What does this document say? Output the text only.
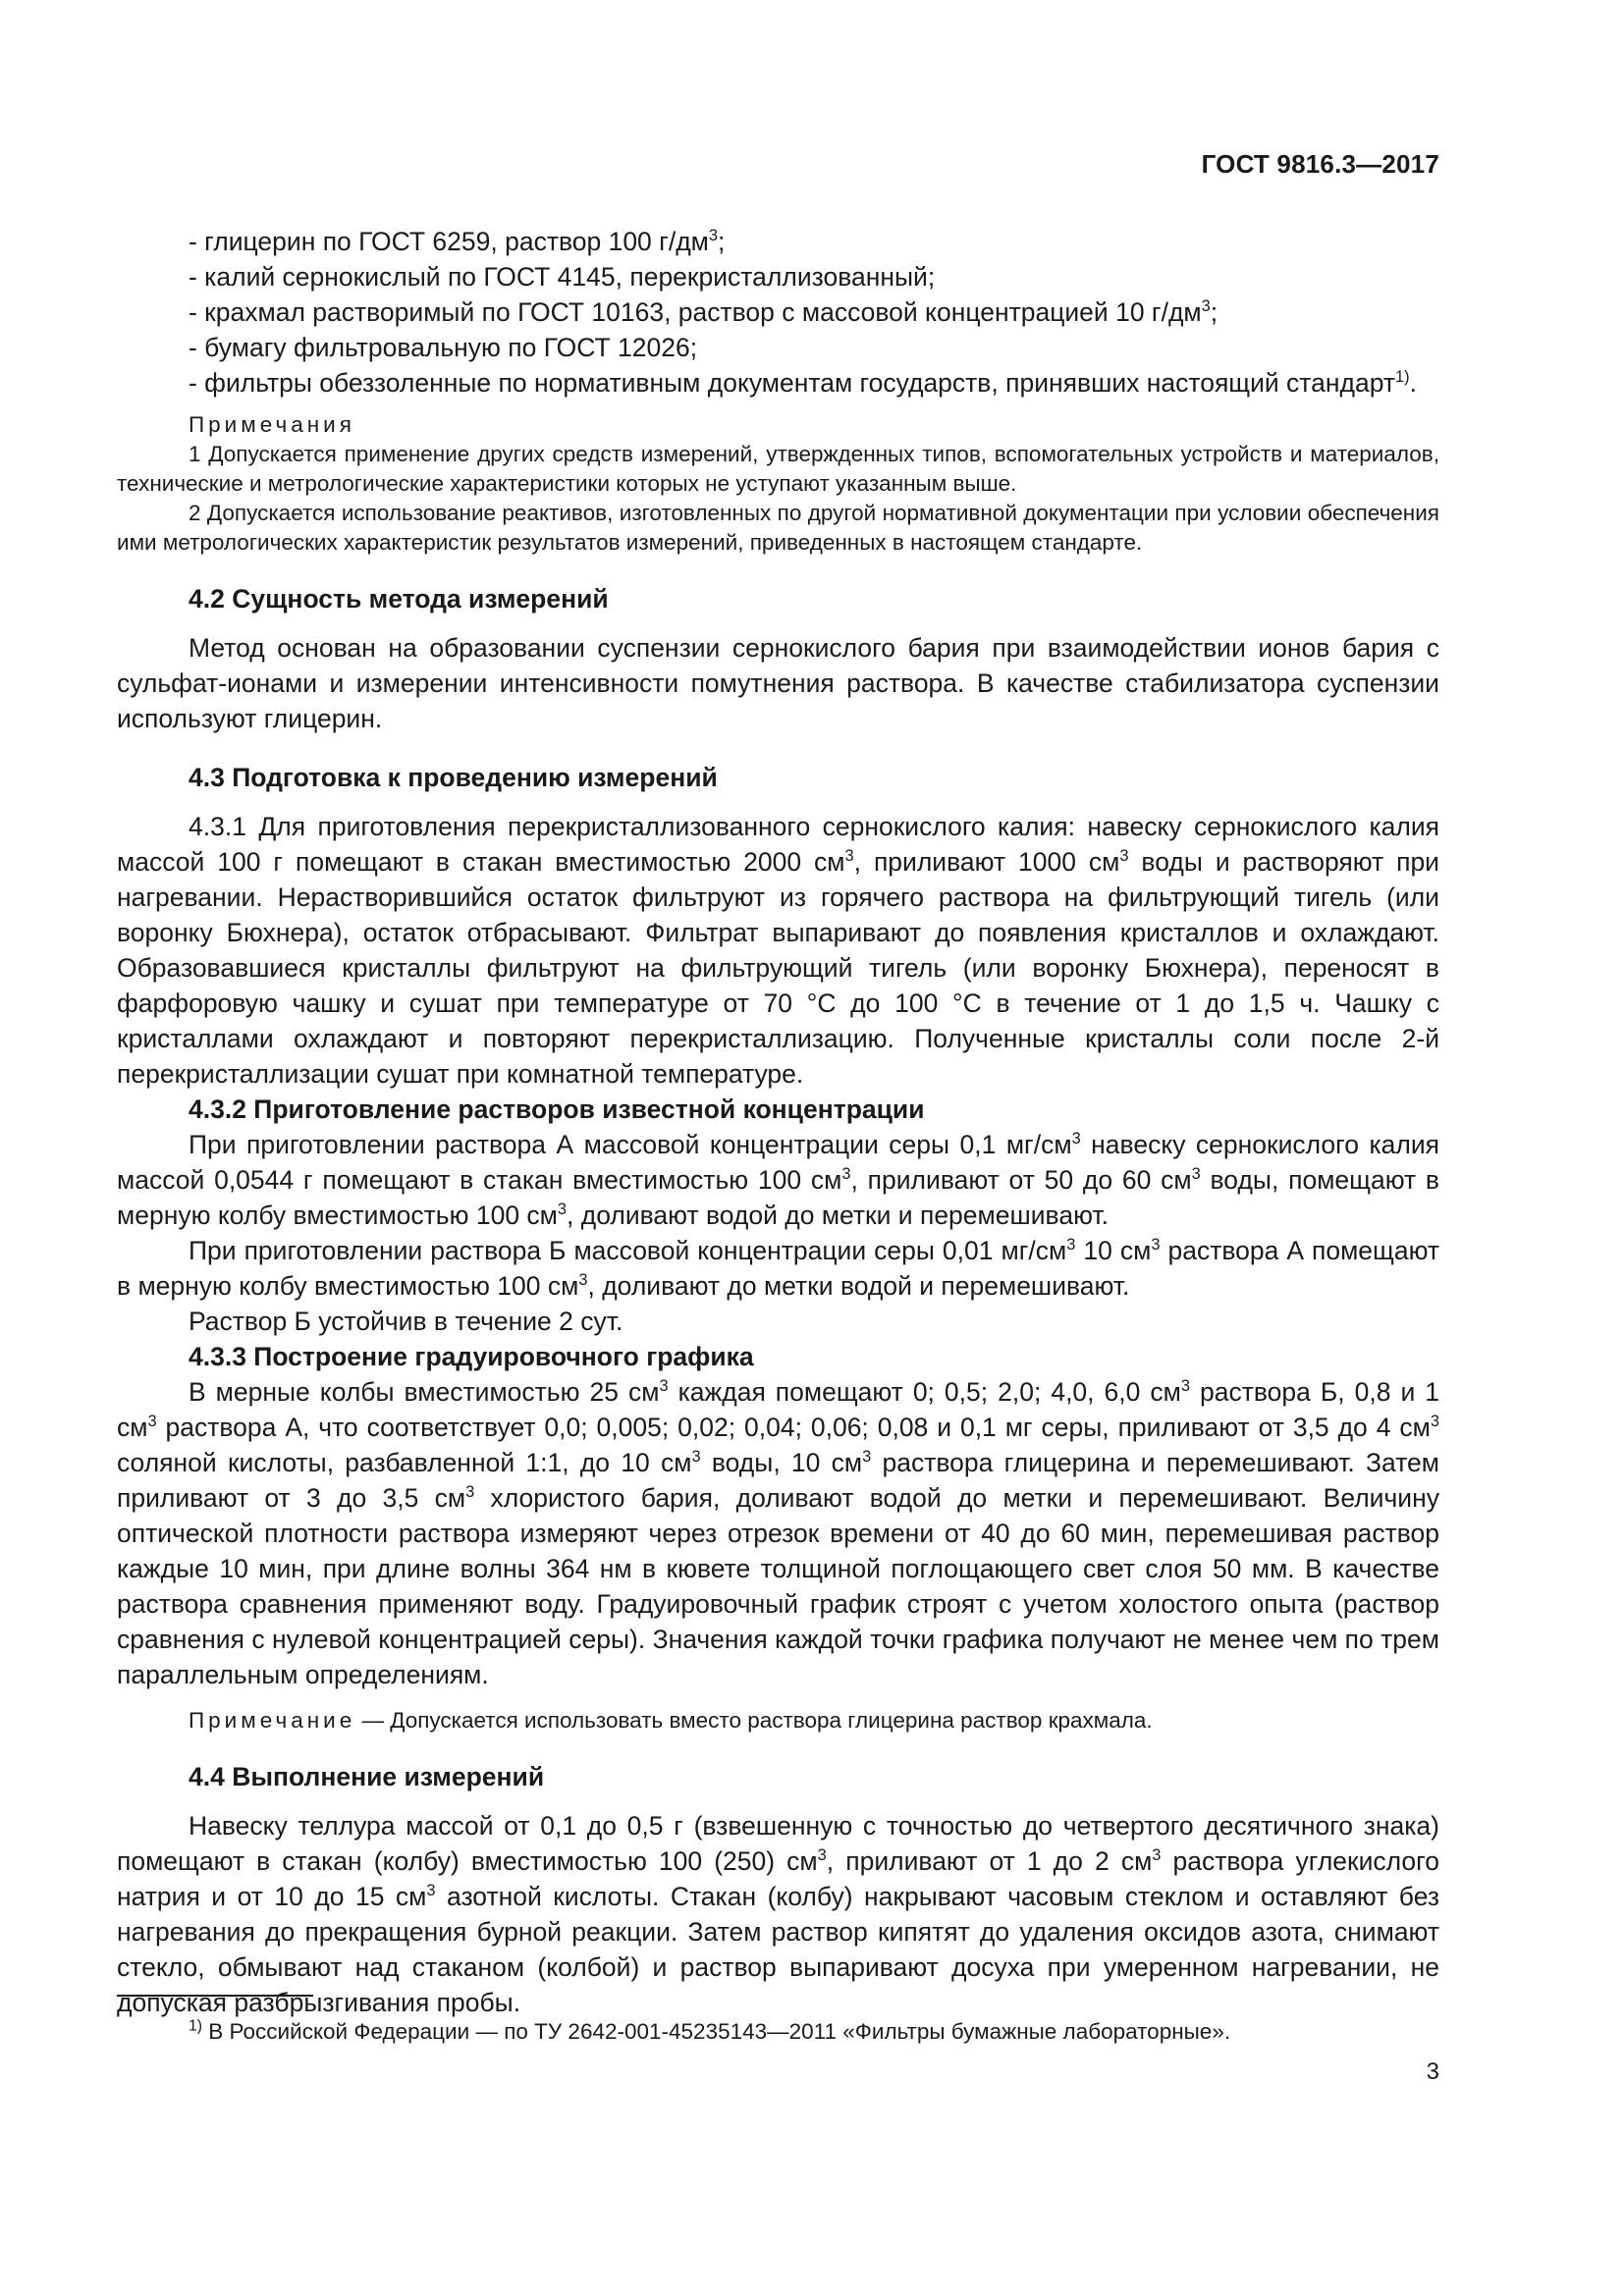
ГОСТ 9816.3—2017

- глицерин по ГОСТ 6259, раствор 100 $г/дм^3$;

- калий сернокислый по ГОСТ 4145, перекристаллизованный;

- крахмал растворимый по ГОСТ 10163, раствор с массовой концентрацией 10 $г/дм^3$;

- бумагу фильтровальную по ГОСТ 12026;

- фильтры обеззоленные по нормативным документам государств, принявших настоящий стандарт$^{1)}$.

Примечания

1 Допускается применение других средств измерений, утвержденных типов, вспомогательных устройств и материалов, технические и метрологические характеристики которых не уступают указанным выше.

2 Допускается использование реактивов, изготовленных по другой нормативной документации при условии обеспечения ими метрологических характеристик результатов измерений, приведенных в настоящем стандарте.

4.2 Сущность метода измерений

Метод основан на образовании суспензии сернокислого бария при взаимодействии ионов бария с сульфат-ионами и измерении интенсивности помутнения раствора. В качестве стабилизатора суспензии используют глицерин.

4.3 Подготовка к проведению измерений

4.3.1 Для приготовления перекристаллизованного сернокислого калия: навеску сернокислого калия массой 100 г помещают в стакан вместимостью 2000 $см^3$, приливают 1000 $см^3$ воды и растворяют при нагревании. Нерастворившийся остаток фильтруют из горячего раствора на фильтрующий тигель (или воронку Бюхнера), остаток отбрасывают. Фильтрат выпаривают до появления кристаллов и охлаждают. Образовавшиеся кристаллы фильтруют на фильтрующий тигель (или воронку Бюхнера), переносят в фарфоровую чашку и сушат при температуре от 70 °С до 100 °С в течение от 1 до 1,5 ч. Чашку с кристаллами охлаждают и повторяют перекристаллизацию. Полученные кристаллы соли после 2-й перекристаллизации сушат при комнатной температуре.

4.3.2 Приготовление растворов известной концентрации

При приготовлении раствора А массовой концентрации серы 0,1 $мг/см^3$ навеску сернокислого калия массой 0,0544 г помещают в стакан вместимостью 100 $см^3$, приливают от 50 до 60 $см^3$ воды, помещают в мерную колбу вместимостью 100 $см^3$, доливают водой до метки и перемешивают.

При приготовлении раствора Б массовой концентрации серы 0,01 $мг/см^3$ 10 $см^3$ раствора А помещают в мерную колбу вместимостью 100 $см^3$, доливают до метки водой и перемешивают.

Раствор Б устойчив в течение 2 сут.

4.3.3 Построение градуировочного графика

В мерные колбы вместимостью 25 $см^3$ каждая помещают 0; 0,5; 2,0; 4,0, 6,0 $см^3$ раствора Б, 0,8 и 1 $см^3$ раствора А, что соответствует 0,0; 0,005; 0,02; 0,04; 0,06; 0,08 и 0,1 мг серы, приливают от 3,5 до 4 $см^3$ соляной кислоты, разбавленной 1:1, до 10 $см^3$ воды, 10 $см^3$ раствора глицерина и перемешивают. Затем приливают от 3 до 3,5 $см^3$ хлористого бария, доливают водой до метки и перемешивают. Величину оптической плотности раствора измеряют через отрезок времени от 40 до 60 мин, перемешивая раствор каждые 10 мин, при длине волны 364 нм в кювете толщиной поглощающего свет слоя 50 мм. В качестве раствора сравнения применяют воду. Градуировочный график строят с учетом холостого опыта (раствор сравнения с нулевой концентрацией серы). Значения каждой точки графика получают не менее чем по трем параллельным определениям.

Примечание — Допускается использовать вместо раствора глицерина раствор крахмала.

4.4 Выполнение измерений

Навеску теллура массой от 0,1 до 0,5 г (взвешенную с точностью до четвертого десятичного знака) помещают в стакан (колбу) вместимостью 100 (250) $см^3$, приливают от 1 до 2 $см^3$ раствора углекислого натрия и от 10 до 15 $см^3$ азотной кислоты. Стакан (колбу) накрывают часовым стеклом и оставляют без нагревания до прекращения бурной реакции. Затем раствор кипятят до удаления оксидов азота, снимают стекло, обмывают над стаканом (колбой) и раствор выпаривают досуха при умеренном нагревании, не допуская разбрызгивания пробы.

$^{1)}$ В Российской Федерации — по ТУ 2642-001-45235143—2011 «Фильтры бумажные лабораторные».
3
